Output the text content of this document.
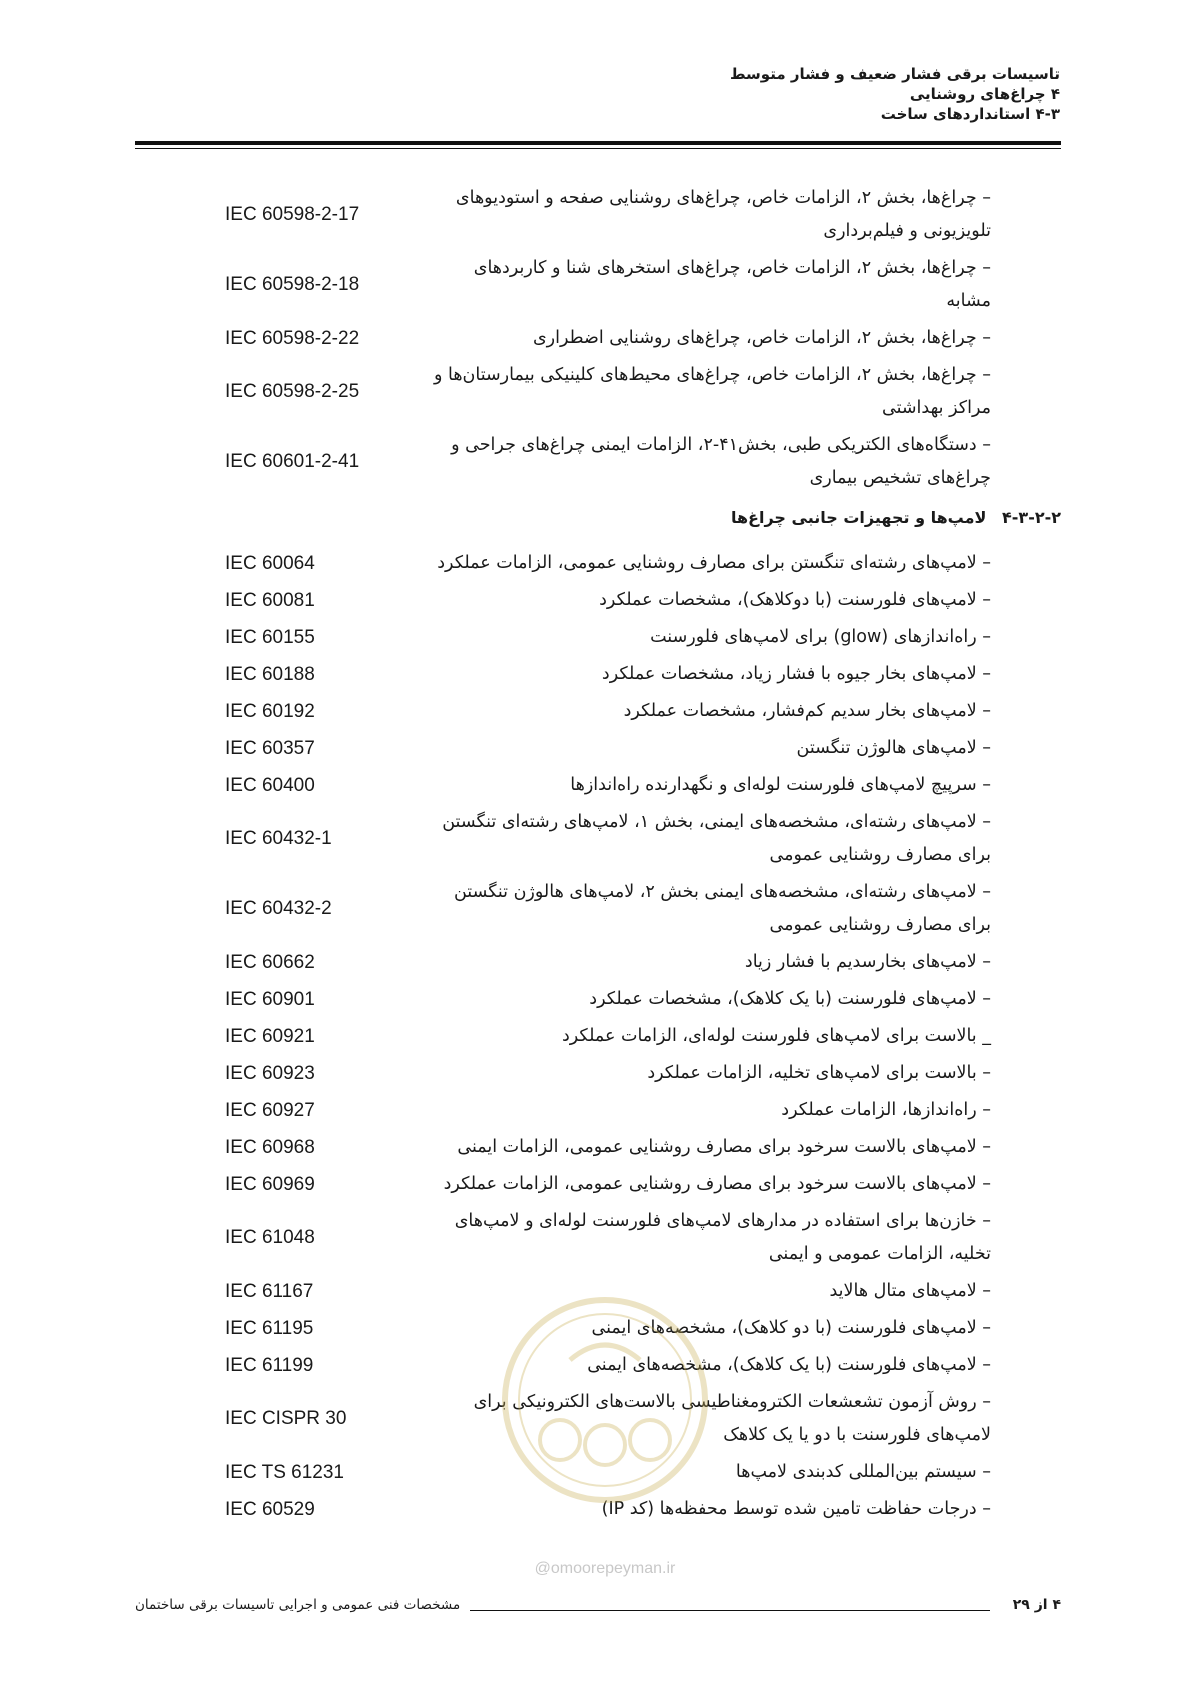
تاسیسات برقی فشار ضعیف و فشار متوسط
۴ چراغ‌های روشنایی
۴-۳ استانداردهای ساخت
– چراغ‌ها، بخش ۲، الزامات خاص، چراغ‌های روشنایی صفحه و استودیوهای تلویزیونی و فیلم‌برداری
IEC 60598-2-17
– چراغ‌ها، بخش ۲، الزامات خاص، چراغ‌های استخرهای شنا و کاربردهای مشابه
IEC 60598-2-18
– چراغ‌ها، بخش ۲، الزامات خاص، چراغ‌های روشنایی اضطراری
IEC 60598-2-22
– چراغ‌ها، بخش ۲، الزامات خاص، چراغ‌های محیط‌های کلینیکی بیمارستان‌ها و مراکز بهداشتی
IEC 60598-2-25
– دستگاه‌های الکتریکی طبی، بخش۴۱-۲، الزامات ایمنی چراغ‌های جراحی و چراغ‌های تشخیص بیماری
IEC 60601-2-41
۴-۳-۲-۲ لامپ‌ها و تجهیزات جانبی چراغ‌ها
– لامپ‌های رشته‌ای تنگستن برای مصارف روشنایی عمومی، الزامات عملکرد
IEC 60064
– لامپ‌های فلورسنت (با دوکلاهک)، مشخصات عملکرد
IEC 60081
– راه‌اندازهای (glow) برای لامپ‌های فلورسنت
IEC 60155
– لامپ‌های بخار جیوه با فشار زیاد، مشخصات عملکرد
IEC 60188
– لامپ‌های بخار سدیم کم‌فشار، مشخصات عملکرد
IEC 60192
– لامپ‌های هالوژن تنگستن
IEC 60357
– سرپیچ لامپ‌های فلورسنت لوله‌ای و نگهدارنده راه‌اندازها
IEC 60400
– لامپ‌های رشته‌ای، مشخصه‌های ایمنی، بخش ۱، لامپ‌های رشته‌ای تنگستن برای مصارف روشنایی عمومی
IEC 60432-1
– لامپ‌های رشته‌ای، مشخصه‌های ایمنی بخش ۲، لامپ‌های هالوژن تنگستن برای مصارف روشنایی عمومی
IEC 60432-2
– لامپ‌های بخارسدیم با فشار زیاد
IEC 60662
– لامپ‌های فلورسنت (با یک کلاهک)، مشخصات عملکرد
IEC 60901
_ بالاست برای لامپ‌های فلورسنت لوله‌ای، الزامات عملکرد
IEC 60921
– بالاست برای لامپ‌های تخلیه، الزامات عملکرد
IEC 60923
– راه‌اندازها، الزامات عملکرد
IEC 60927
– لامپ‌های بالاست سرخود برای مصارف روشنایی عمومی، الزامات ایمنی
IEC 60968
– لامپ‌های بالاست سرخود برای مصارف روشنایی عمومی، الزامات عملکرد
IEC 60969
– خازن‌ها برای استفاده در مدارهای لامپ‌های فلورسنت لوله‌ای و لامپ‌های تخلیه، الزامات عمومی و ایمنی
IEC 61048
– لامپ‌های متال هالاید
IEC 61167
– لامپ‌های فلورسنت (با دو کلاهک)، مشخصه‌های ایمنی
IEC 61195
– لامپ‌های فلورسنت (با یک کلاهک)، مشخصه‌های ایمنی
IEC 61199
– روش آزمون تشعشعات الکترومغناطیسی بالاست‌های الکترونیکی برای لامپ‌های فلورسنت با دو یا یک کلاهک
IEC CISPR 30
– سیستم بین‌المللی کدبندی لامپ‌ها
IEC TS 61231
– درجات حفاظت تامین شده توسط محفظه‌ها (کد IP)
IEC 60529
@omoorepeyman.ir
۴ از ۲۹
مشخصات فنی عمومی و اجرایی تاسیسات برقی ساختمان
